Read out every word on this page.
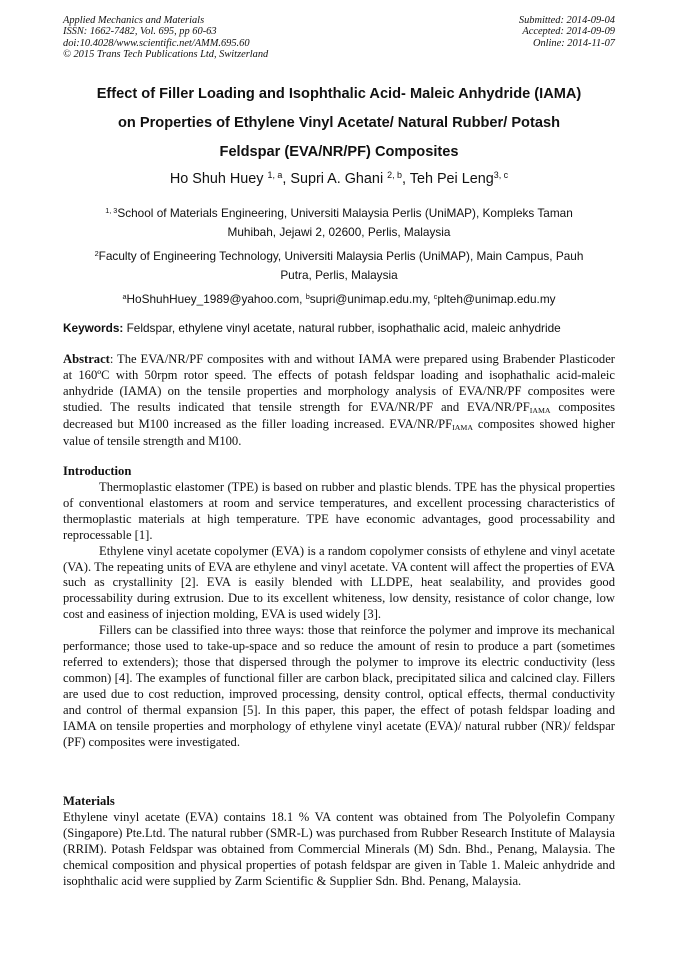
Applied Mechanics and Materials
ISSN: 1662-7482, Vol. 695, pp 60-63
doi:10.4028/www.scientific.net/AMM.695.60
© 2015 Trans Tech Publications Ltd, Switzerland
Submitted: 2014-09-04
Accepted: 2014-09-09
Online: 2014-11-07
Effect of Filler Loading and Isophthalic Acid- Maleic Anhydride (IAMA)
on Properties of Ethylene Vinyl Acetate/ Natural Rubber/ Potash
Feldspar (EVA/NR/PF) Composites
Ho Shuh Huey $^{1, a}$, Supri A. Ghani $^{2, b}$, Teh Pei Leng$^{3, c}$
$^{1, 3}$School of Materials Engineering, Universiti Malaysia Perlis (UniMAP), Kompleks Taman
Muhibah, Jejawi 2, 02600, Perlis, Malaysia
$^2$Faculty of Engineering Technology, Universiti Malaysia Perlis (UniMAP), Main Campus, Pauh
Putra, Perlis, Malaysia
$^a$HoShuhHuey_1989@yahoo.com, $^b$supri@unimap.edu.my, $^c$plteh@unimap.edu.my
Keywords: Feldspar, ethylene vinyl acetate, natural rubber, isophathalic acid, maleic anhydride

Abstract: The EVA/NR/PF composites with and without IAMA were prepared using Brabender Plasticoder at 160ºC with 50rpm rotor speed. The effects of potash feldspar loading and isophathalic acid-maleic anhydride (IAMA) on the tensile properties and morphology analysis of EVA/NR/PF composites were studied. The results indicated that tensile strength for EVA/NR/PF and EVA/$NR/PF_{IAMA}$ composites decreased but M100 increased as the filler loading increased. EVA/$NR/PF_{IAMA}$ composites showed higher value of tensile strength and M100.

Introduction

Thermoplastic elastomer (TPE) is based on rubber and plastic blends. TPE has the physical properties of conventional elastomers at room and service temperatures, and excellent processing characteristics of thermoplastic materials at high temperature. TPE have economic advantages, good processability and reprocessable [1].

Ethylene vinyl acetate copolymer (EVA) is a random copolymer consists of ethylene and vinyl acetate (VA). The repeating units of EVA are ethylene and vinyl acetate. VA content will affect the properties of EVA such as crystallinity [2]. EVA is easily blended with LLDPE, heat sealability, and provides good processability during extrusion. Due to its excellent whiteness, low density, resistance of color change, low cost and easiness of injection molding, EVA is used widely [3].

Fillers can be classified into three ways: those that reinforce the polymer and improve its mechanical performance; those used to take-up-space and so reduce the amount of resin to produce a part (sometimes referred to extenders); those that dispersed through the polymer to improve its electric conductivity (less common) [4]. The examples of functional filler are carbon black, precipitated silica and calcined clay. Fillers are used due to cost reduction, improved processing, density control, optical effects, thermal conductivity and control of thermal expansion [5]. In this paper, this paper, the effect of potash feldspar loading and IAMA on tensile properties and morphology of ethylene vinyl acetate (EVA)/ natural rubber (NR)/ feldspar (PF) composites were investigated.

Materials

Ethylene vinyl acetate (EVA) contains 18.1 % VA content was obtained from The Polyolefin Company (Singapore) Pte.Ltd. The natural rubber (SMR-L) was purchased from Rubber Research Institute of Malaysia (RRIM). Potash Feldspar was obtained from Commercial Minerals (M) Sdn. Bhd., Penang, Malaysia. The chemical composition and physical properties of potash feldspar are given in Table 1. Maleic anhydride and isophthalic acid were supplied by Zarm Scientific & Supplier Sdn. Bhd. Penang, Malaysia.
